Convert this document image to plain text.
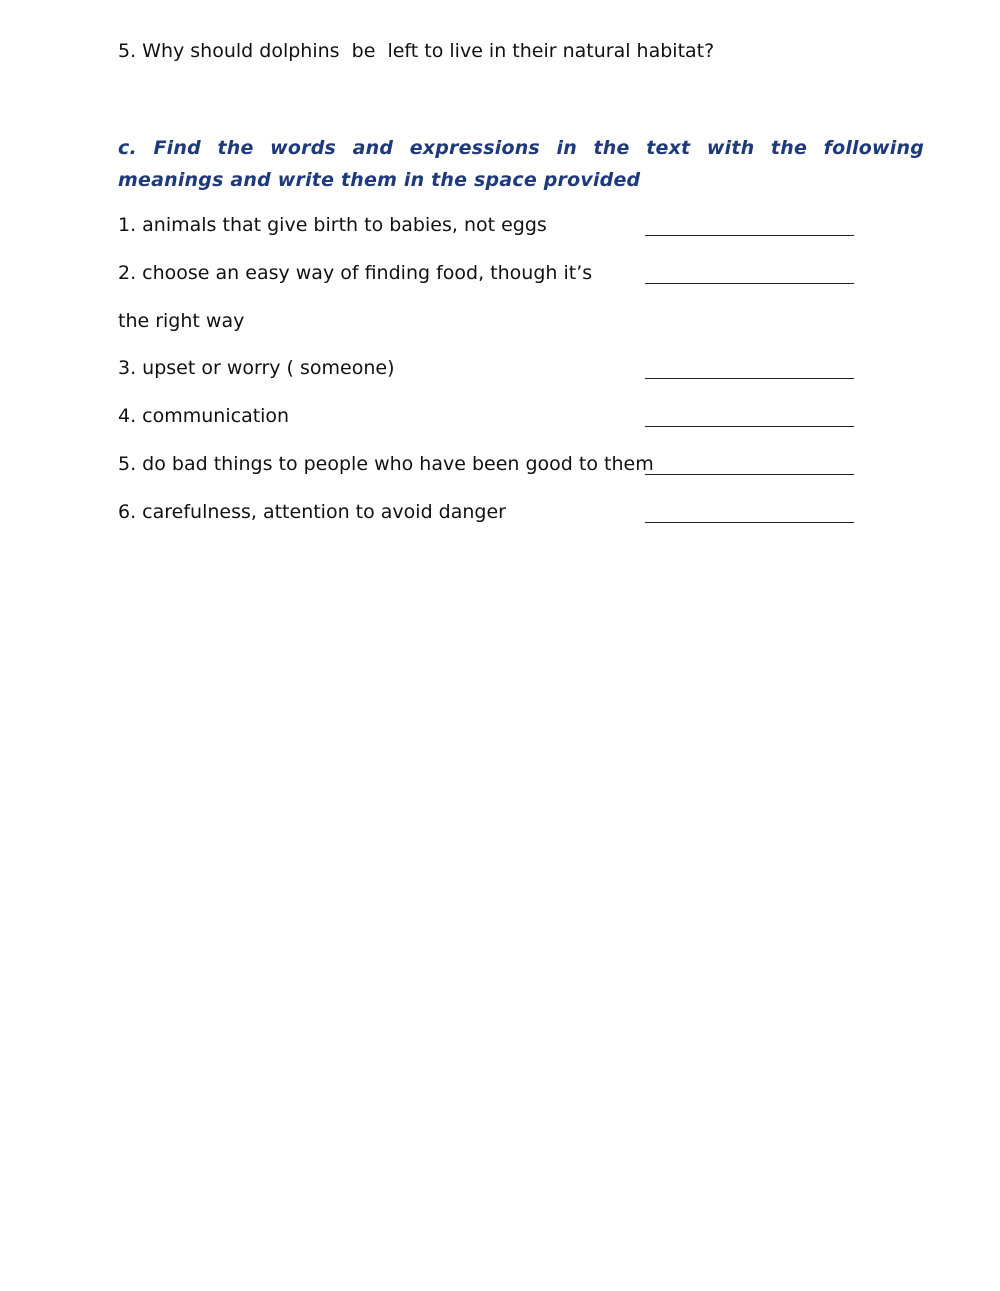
5. Why should dolphins  be  left to live in their natural habitat?
c. Find the words and expressions in the text with the following meanings and write them in the space provided
1. animals that give birth to babies, not eggs
2. choose an easy way of finding food, though it’s
the right way
3. upset or worry ( someone)
4. communication
5. do bad things to people who have been good to them
6. carefulness, attention to avoid danger
